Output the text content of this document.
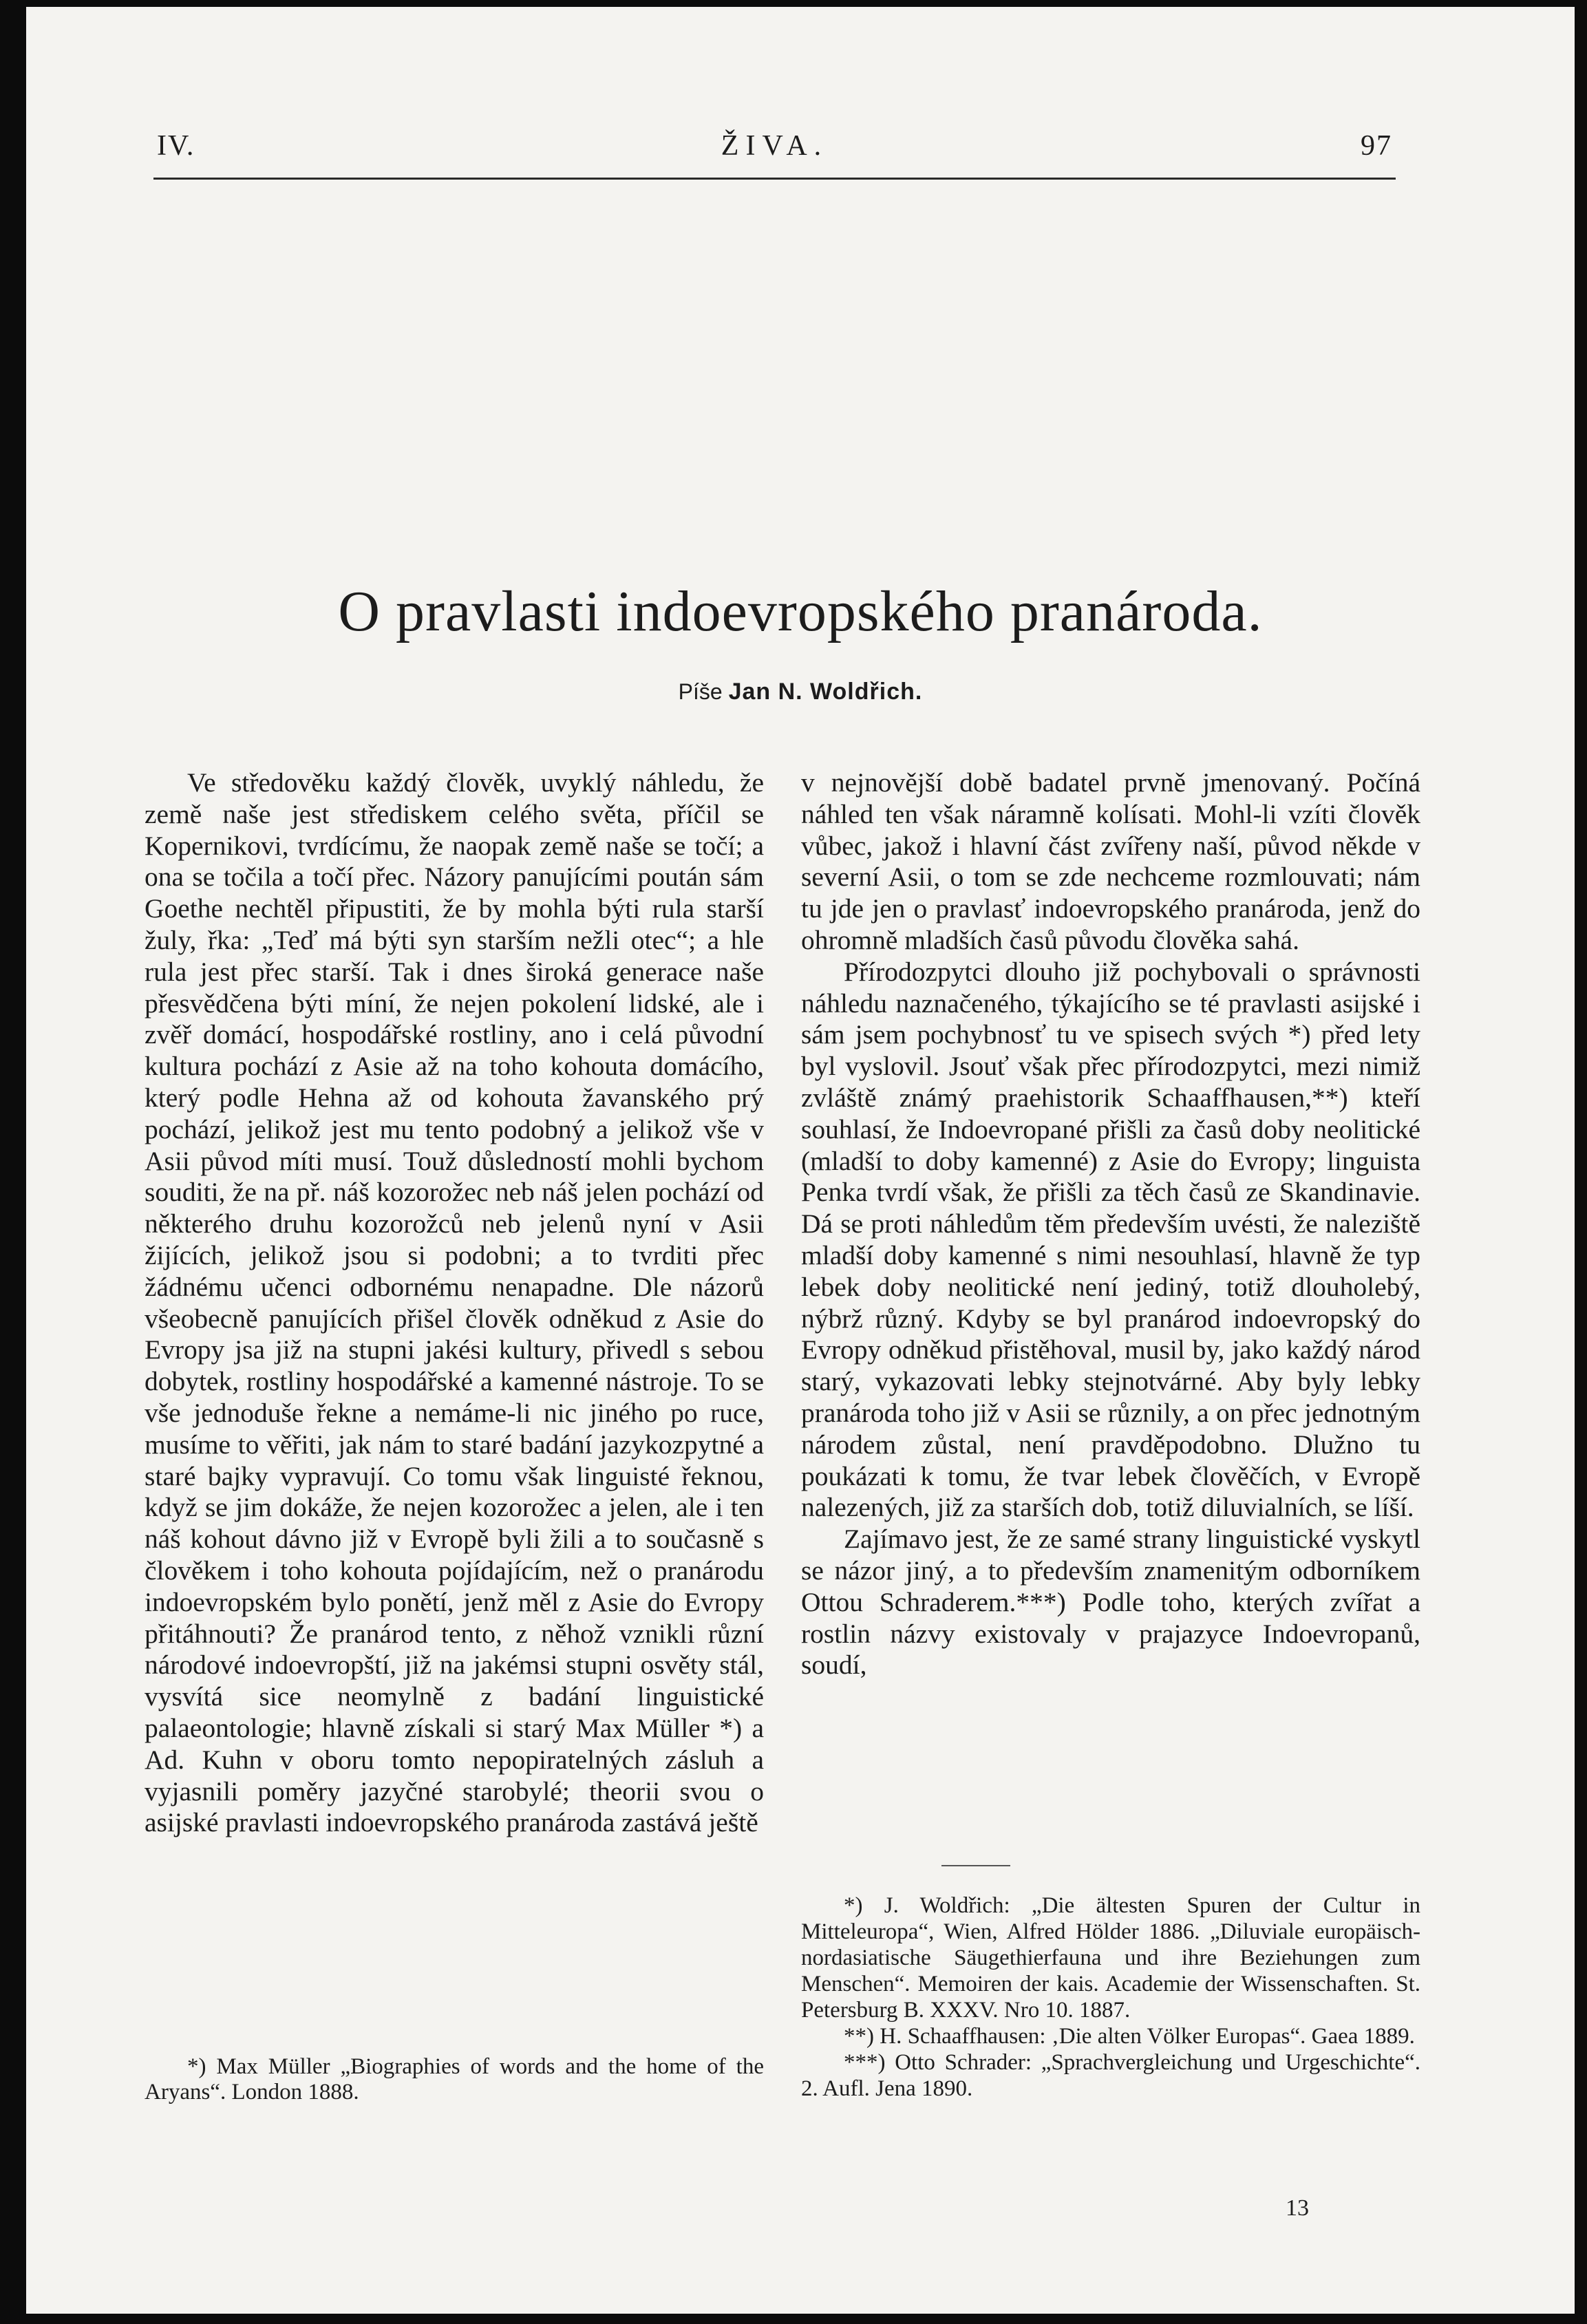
IV.	ŽIVA.	97
O pravlasti indoevropského pranároda.
Píše Jan N. Woldřich.

Ve středověku každý člověk, uvyklý náhledu, že země naše jest střediskem celého světa, příčil se Kopernikovi, tvrdícímu, že naopak země naše se točí; a ona se točila a točí přec. Názory panujícími poután sám Goethe nechtěl připustiti, že by mohla býti rula starší žuly, řka: „Teď má býti syn starším nežli otec“; a hle rula jest přec starší. Tak i dnes široká generace naše přesvědčena býti míní, že nejen pokolení lidské, ale i zvěř domácí, hospodářské rostliny, ano i celá původní kultura pochází z Asie až na toho kohouta domácího, který podle Hehna až od kohouta žavanského prý pochází, jelikož jest mu tento podobný a jelikož vše v Asii původ míti musí. Touž důsledností mohli bychom souditi, že na př. náš kozorožec neb náš jelen pochází od některého druhu kozorožců neb jelenů nyní v Asii žijících, jelikož jsou si podobni; a to tvrditi přec žádnému učenci odbornému nenapadne. Dle názorů všeobecně panujících přišel člověk odněkud z Asie do Evropy jsa již na stupni jakési kultury, přivedl s sebou dobytek, rostliny hospodářské a kamenné nástroje. To se vše jednoduše řekne a nemáme-li nic jiného po ruce, musíme to věřiti, jak nám to staré badání jazykozpytné a staré bajky vypravují. Co tomu však linguisté řeknou, když se jim dokáže, že nejen kozorožec a jelen, ale i ten náš kohout dávno již v Evropě byli žili a to současně s člověkem i toho kohouta pojídajícím, než o pranárodu indoevropském bylo ponětí, jenž měl z Asie do Evropy přitáhnouti? Že pranárod tento, z něhož vznikli různí národové indoevropští, již na jakémsi stupni osvěty stál, vysvítá sice neomylně z badání linguistické palaeontologie; hlavně získali si starý Max Müller *) a Ad. Kuhn v oboru tomto nepopiratelných zásluh a vyjasnili poměry jazyčné starobylé; theorii svou o asijské pravlasti indoevropského pranároda zastává ještě

v nejnovější době badatel prvně jmenovaný. Počíná náhled ten však náramně kolísati. Mohl-li vzíti člověk vůbec, jakož i hlavní část zvířeny naší, původ někde v severní Asii, o tom se zde nechceme rozmlouvati; nám tu jde jen o pravlasť indoevropského pranároda, jenž do ohromně mladších časů původu člověka sahá.

Přírodozpytci dlouho již pochybovali o správnosti náhledu naznačeného, týkajícího se té pravlasti asijské i sám jsem pochybnosť tu ve spisech svých *) před lety byl vyslovil. Jsouť však přec přírodozpytci, mezi nimiž zvláště známý praehistorik Schaaffhausen,**) kteří souhlasí, že Indoevropané přišli za časů doby neolitické (mladší to doby kamenné) z Asie do Evropy; linguista Penka tvrdí však, že přišli za těch časů ze Skandinavie. Dá se proti náhledům těm především uvésti, že naleziště mladší doby kamenné s nimi nesouhlasí, hlavně že typ lebek doby neolitické není jediný, totiž dlouholebý, nýbrž různý. Kdyby se byl pranárod indoevropský do Evropy odněkud přistěhoval, musil by, jako každý národ starý, vykazovati lebky stejnotvárné. Aby byly lebky pranároda toho již v Asii se různily, a on přec jednotným národem zůstal, není pravděpodobno. Dlužno tu poukázati k tomu, že tvar lebek člověčích, v Evropě nalezených, již za starších dob, totiž diluvialních, se líší.

Zajímavo jest, že ze samé strany linguistické vyskytl se názor jiný, a to především znamenitým odborníkem Ottou Schraderem.***) Podle toho, kterých zvířat a rostlin názvy existovaly v prajazyce Indoevropanů, soudí,

*) J. Woldřich: „Die ältesten Spuren der Cultur in Mitteleuropa“, Wien, Alfred Hölder 1886. „Diluviale europäisch-nordasiatische Säugethierfauna und ihre Beziehungen zum Menschen“. Memoiren der kais. Academie der Wissenschaften. St. Petersburg B. XXXV. Nro 10. 1887.

**) H. Schaaffhausen: ‚Die alten Völker Europas“. Gaea 1889.

***) Otto Schrader: „Sprachvergleichung und Urgeschichte“. 2. Aufl. Jena 1890.

*) Max Müller „Biographies of words and the home of the Aryans“. London 1888.

13
